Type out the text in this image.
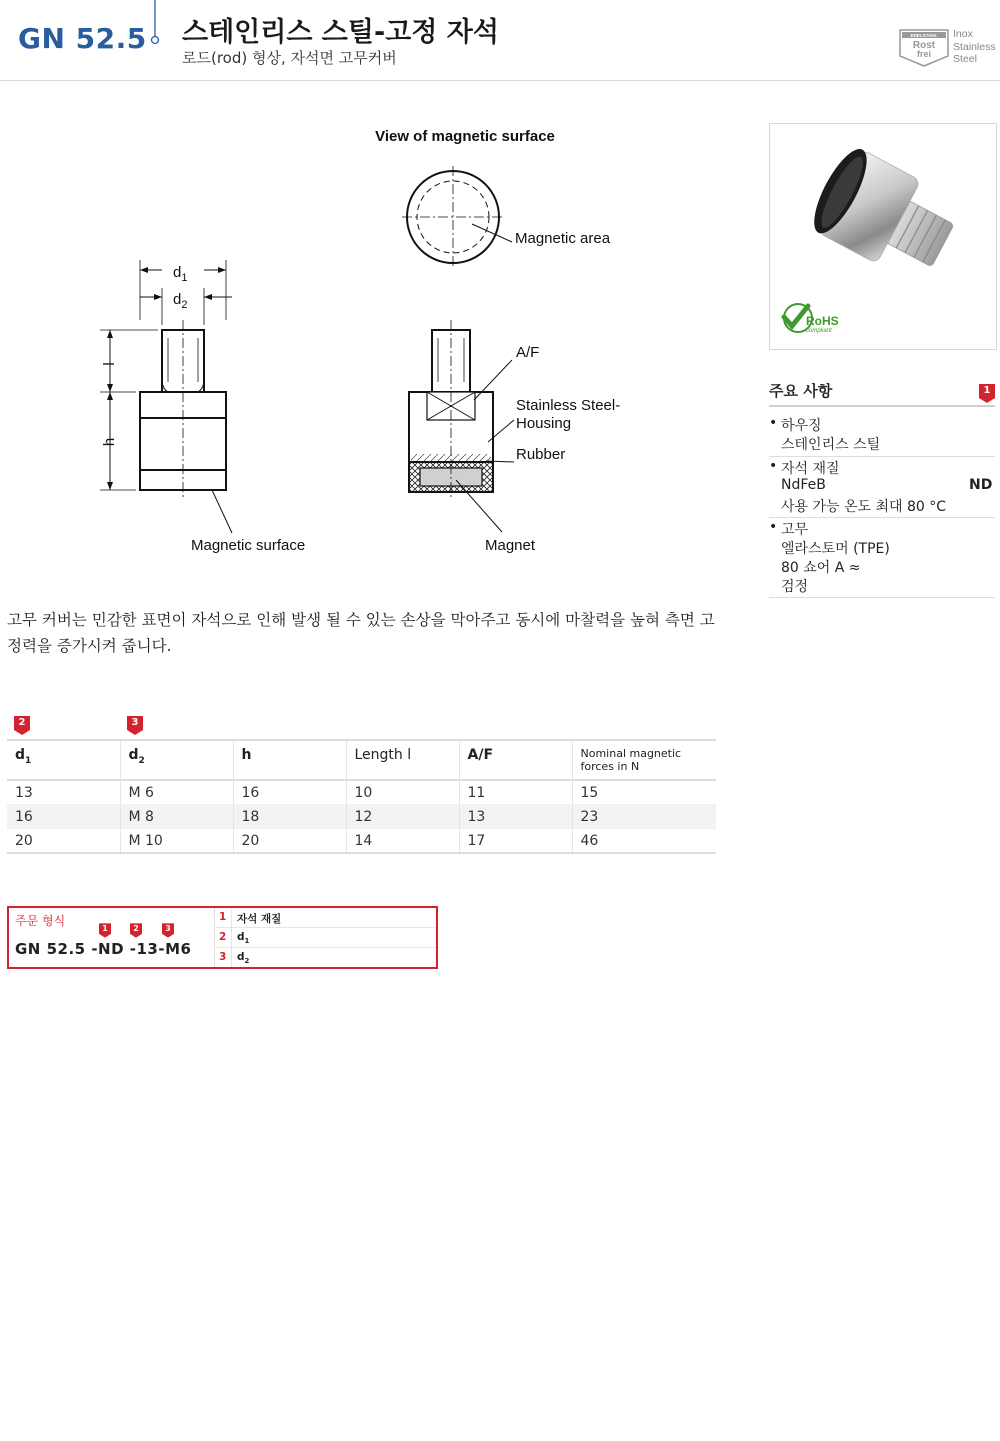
GN 52.5 스테인리스 스틸-고정 자석
로드(rod) 형상, 자석면 고무커버
EDELSTAHL
Rost
frei
Inox
Stainless
Steel
View of magnetic surface
Magnetic area
$d_1$
$d_2$
l
h
Magnetic surface
A/F
Stainless Steel-
Housing
Rubber
Magnet
RoHS
compliant
주요 사항	1
• 하우징
스테인리스 스틸
• 자석 재질
NdFeB	ND
사용 가능 온도 최대 80 °C
• 고무
엘라스토머 (TPE)
80 쇼어 A ≈
검정
고무 커버는 민감한 표면이 자석으로 인해 발생 될 수 있는 손상을 막아주고 동시에 마찰력을 높혀 측면 고정력을 증가시켜 줍니다.
2	3
$d_1$	$d_2$	h	Length l	A/F	Nominal magnetic forces in N

13	M 6	16	10	11	15
16	M 8	18	12	13	23
20	M 10	20	14	17	46
주문 형식
1	2	3
GN 52.5 -ND -13-M6
1 자석 재질
2 $d_1$
3 $d_2$
